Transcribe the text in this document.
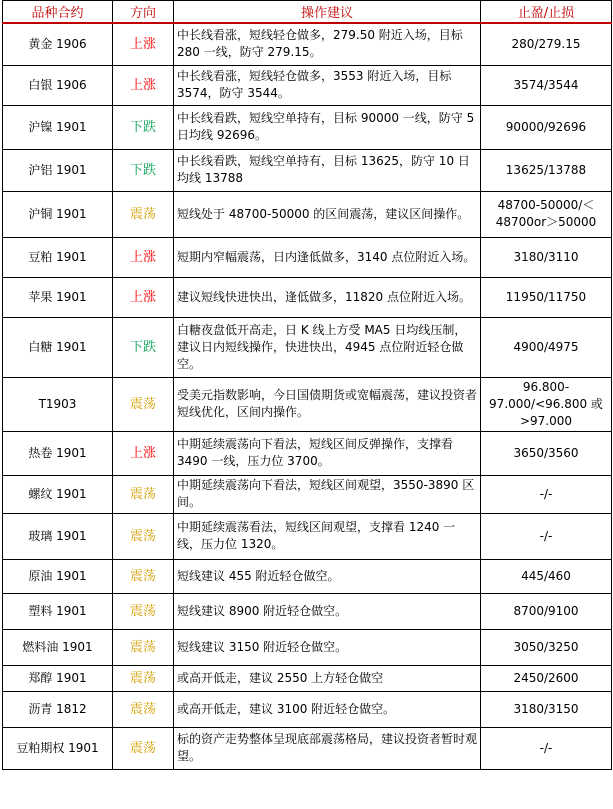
品种合约	方向	操作建议	止盈/止损
黄金 1906	上涨	中长线看涨，短线轻仓做多，279.50 附近入场，目标 280 一线，防守 279.15。	280/279.15
白银 1906	上涨	中长线看涨，短线轻仓做多，3553 附近入场，目标 3574，防守 3544。	3574/3544
沪镍 1901	下跌	中长线看跌，短线空单持有，目标 90000 一线，防守 5 日均线 92696。	90000/92696
沪铝 1901	下跌	中长线看跌，短线空单持有，目标 13625，防守 10 日均线 13788	13625/13788
沪铜 1901	震荡	短线处于 48700-50000 的区间震荡，建议区间操作。	48700-50000/＜48700or＞50000
豆粕 1901	上涨	短期内窄幅震荡，日内逢低做多，3140 点位附近入场。	3180/3110
苹果 1901	上涨	建议短线快进快出，逢低做多，11820 点位附近入场。	11950/11750
白糖 1901	下跌	白糖夜盘低开高走，日 K 线上方受 MA5 日均线压制，建议日内短线操作，快进快出，4945 点位附近轻仓做空。	4900/4975
T1903	震荡	受美元指数影响，今日国债期货或宽幅震荡，建议投资者短线优化，区间内操作。	96.800-97.000/<96.800 或>97.000
热卷 1901	上涨	中期延续震荡向下看法，短线区间反弹操作，支撑看 3490 一线，压力位 3700。	3650/3560
螺纹 1901	震荡	中期延续震荡向下看法，短线区间观望，3550-3890 区间。	-/-
玻璃 1901	震荡	中期延续震荡看法，短线区间观望，支撑看 1240 一线，压力位 1320。	-/-
原油 1901	震荡	短线建议 455 附近轻仓做空。	445/460
塑料 1901	震荡	短线建议 8900 附近轻仓做空。	8700/9100
燃料油 1901	震荡	短线建议 3150 附近轻仓做空。	3050/3250
郑醇 1901	震荡	或高开低走，建议 2550 上方轻仓做空	2450/2600
沥青 1812	震荡	或高开低走，建议 3100 附近轻仓做空。	3180/3150
豆粕期权 1901	震荡	标的资产走势整体呈现底部震荡格局，建议投资者暂时观望。	-/-
